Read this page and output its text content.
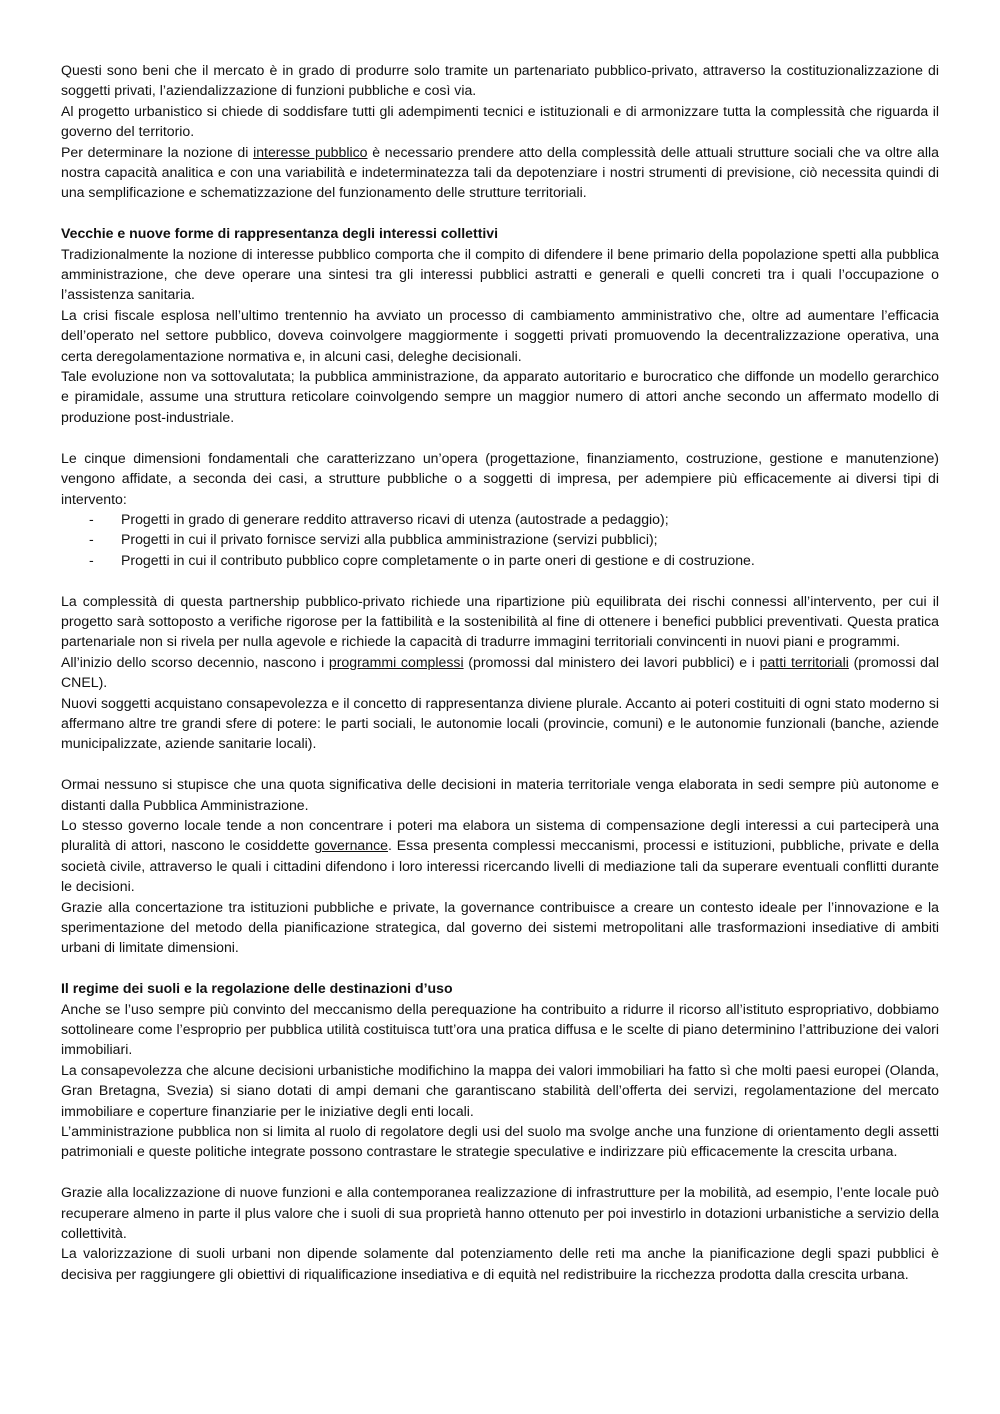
Questi sono beni che il mercato è in grado di produrre solo tramite un partenariato pubblico-privato, attraverso la costituzionalizzazione di soggetti privati, l’aziendalizzazione di funzioni pubbliche e così via.

Al progetto urbanistico si chiede di soddisfare tutti gli adempimenti tecnici e istituzionali e di armonizzare tutta la complessità che riguarda il governo del territorio.

Per determinare la nozione di interesse pubblico è necessario prendere atto della complessità delle attuali strutture sociali che va oltre alla nostra capacità analitica e con una variabilità e indeterminatezza tali da depotenziare i nostri strumenti di previsione, ciò necessita quindi di una semplificazione e schematizzazione del funzionamento delle strutture territoriali.

Vecchie e nuove forme di rappresentanza degli interessi collettivi

Tradizionalmente la nozione di interesse pubblico comporta che il compito di difendere il bene primario della popolazione spetti alla pubblica amministrazione, che deve operare una sintesi tra gli interessi pubblici astratti e generali e quelli concreti tra i quali l’occupazione o l’assistenza sanitaria.

La crisi fiscale esplosa nell’ultimo trentennio ha avviato un processo di cambiamento amministrativo che, oltre ad aumentare l’efficacia dell’operato nel settore pubblico, doveva coinvolgere maggiormente i soggetti privati promuovendo la decentralizzazione operativa, una certa deregolamentazione normativa e, in alcuni casi, deleghe decisionali.

Tale evoluzione non va sottovalutata; la pubblica amministrazione, da apparato autoritario e burocratico che diffonde un modello gerarchico e piramidale, assume una struttura reticolare coinvolgendo sempre un maggior numero di attori anche secondo un affermato modello di produzione post-industriale.

Le cinque dimensioni fondamentali che caratterizzano un’opera (progettazione, finanziamento, costruzione, gestione e manutenzione) vengono affidate, a seconda dei casi, a strutture pubbliche o a soggetti di impresa, per adempiere più efficacemente ai diversi tipi di intervento:

- Progetti in grado di generare reddito attraverso ricavi di utenza (autostrade a pedaggio);
- Progetti in cui il privato fornisce servizi alla pubblica amministrazione (servizi pubblici);
- Progetti in cui il contributo pubblico copre completamente o in parte oneri di gestione e di costruzione.

La complessità di questa partnership pubblico-privato richiede una ripartizione più equilibrata dei rischi connessi all’intervento, per cui il progetto sarà sottoposto a verifiche rigorose per la fattibilità e la sostenibilità al fine di ottenere i benefici pubblici preventivati. Questa pratica partenariale non si rivela per nulla agevole e richiede la capacità di tradurre immagini territoriali convincenti in nuovi piani e programmi.

All’inizio dello scorso decennio, nascono i programmi complessi (promossi dal ministero dei lavori pubblici) e i patti territoriali (promossi dal CNEL).

Nuovi soggetti acquistano consapevolezza e il concetto di rappresentanza diviene plurale. Accanto ai poteri costituiti di ogni stato moderno si affermano altre tre grandi sfere di potere: le parti sociali, le autonomie locali (provincie, comuni) e le autonomie funzionali (banche, aziende municipalizzate, aziende sanitarie locali).

Ormai nessuno si stupisce che una quota significativa delle decisioni in materia territoriale venga elaborata in sedi sempre più autonome e distanti dalla Pubblica Amministrazione.

Lo stesso governo locale tende a non concentrare i poteri ma elabora un sistema di compensazione degli interessi a cui parteciperà una pluralità di attori, nascono le cosiddette governance. Essa presenta complessi meccanismi, processi e istituzioni, pubbliche, private e della società civile, attraverso le quali i cittadini difendono i loro interessi ricercando livelli di mediazione tali da superare eventuali conflitti durante le decisioni.

Grazie alla concertazione tra istituzioni pubbliche e private, la governance contribuisce a creare un contesto ideale per l’innovazione e la sperimentazione del metodo della pianificazione strategica, dal governo dei sistemi metropolitani alle trasformazioni insediative di ambiti urbani di limitate dimensioni.

Il regime dei suoli e la regolazione delle destinazioni d’uso

Anche se l’uso sempre più convinto del meccanismo della perequazione ha contribuito a ridurre il ricorso all’istituto espropriativo, dobbiamo sottolineare come l’esproprio per pubblica utilità costituisca tutt’ora una pratica diffusa e le scelte di piano determinino l’attribuzione dei valori immobiliari.

La consapevolezza che alcune decisioni urbanistiche modifichino la mappa dei valori immobiliari ha fatto sì che molti paesi europei (Olanda, Gran Bretagna, Svezia) si siano dotati di ampi demani che garantiscano stabilità dell’offerta dei servizi, regolamentazione del mercato immobiliare e coperture finanziarie per le iniziative degli enti locali.

L’amministrazione pubblica non si limita al ruolo di regolatore degli usi del suolo ma svolge anche una funzione di orientamento degli assetti patrimoniali e queste politiche integrate possono contrastare le strategie speculative e indirizzare più efficacemente la crescita urbana.

Grazie alla localizzazione di nuove funzioni e alla contemporanea realizzazione di infrastrutture per la mobilità, ad esempio, l’ente locale può recuperare almeno in parte il plus valore che i suoli di sua proprietà hanno ottenuto per poi investirlo in dotazioni urbanistiche a servizio della collettività.

La valorizzazione di suoli urbani non dipende solamente dal potenziamento delle reti ma anche la pianificazione degli spazi pubblici è decisiva per raggiungere gli obiettivi di riqualificazione insediativa e di equità nel redistribuire la ricchezza prodotta dalla crescita urbana.
